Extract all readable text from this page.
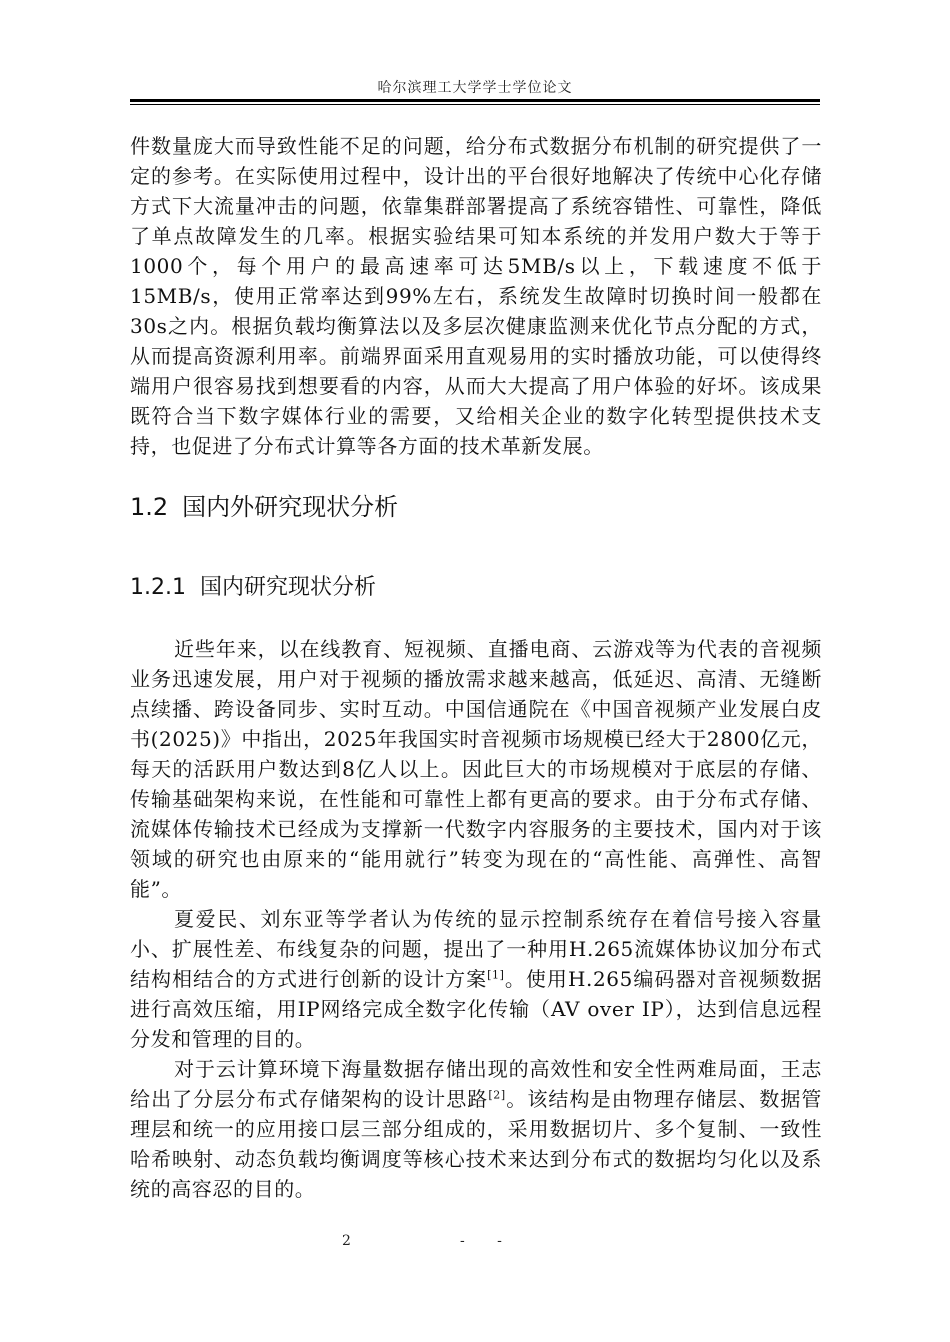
哈尔滨理工大学学士学位论文

件数量庞大而导致性能不足的问题，给分布式数据分布机制的研究提供了一定的参考。在实际使用过程中，设计出的平台很好地解决了传统中心化存储方式下大流量冲击的问题，依靠集群部署提高了系统容错性、可靠性，降低了单点故障发生的几率。根据实验结果可知本系统的并发用户数大于等于1000个，每个用户的最高速率可达5MB/s以上，下载速度不低于15MB/s，使用正常率达到99%左右，系统发生故障时切换时间一般都在30s之内。根据负载均衡算法以及多层次健康监测来优化节点分配的方式，从而提高资源利用率。前端界面采用直观易用的实时播放功能，可以使得终端用户很容易找到想要看的内容，从而大大提高了用户体验的好坏。该成果既符合当下数字媒体行业的需要，又给相关企业的数字化转型提供技术支持，也促进了分布式计算等各方面的技术革新发展。

1.2 国内外研究现状分析
1.2.1 国内研究现状分析

近些年来，以在线教育、短视频、直播电商、云游戏等为代表的音视频业务迅速发展，用户对于视频的播放需求越来越高，低延迟、高清、无缝断点续播、跨设备同步、实时互动。中国信通院在《中国音视频产业发展白皮书(2025)》中指出，2025年我国实时音视频市场规模已经大于2800亿元，每天的活跃用户数达到8亿人以上。因此巨大的市场规模对于底层的存储、传输基础架构来说，在性能和可靠性上都有更高的要求。由于分布式存储、流媒体传输技术已经成为支撑新一代数字内容服务的主要技术，国内对于该领域的研究也由原来的“能用就行”转变为现在的“高性能、高弹性、高智能”。

夏爱民、刘东亚等学者认为传统的显示控制系统存在着信号接入容量小、扩展性差、布线复杂的问题，提出了一种用H.265流媒体协议加分布式结构相结合的方式进行创新的设计方案[1]。使用H.265编码器对音视频数据进行高效压缩，用IP网络完成全数字化传输（AV over IP），达到信息远程分发和管理的目的。

对于云计算环境下海量数据存储出现的高效性和安全性两难局面，王志给出了分层分布式存储架构的设计思路[2]。该结构是由物理存储层、数据管理层和统一的应用接口层三部分组成的，采用数据切片、多个复制、一致性哈希映射、动态负载均衡调度等核心技术来达到分布式的数据均匀化以及系统的高容忍的目的。

2	- -
